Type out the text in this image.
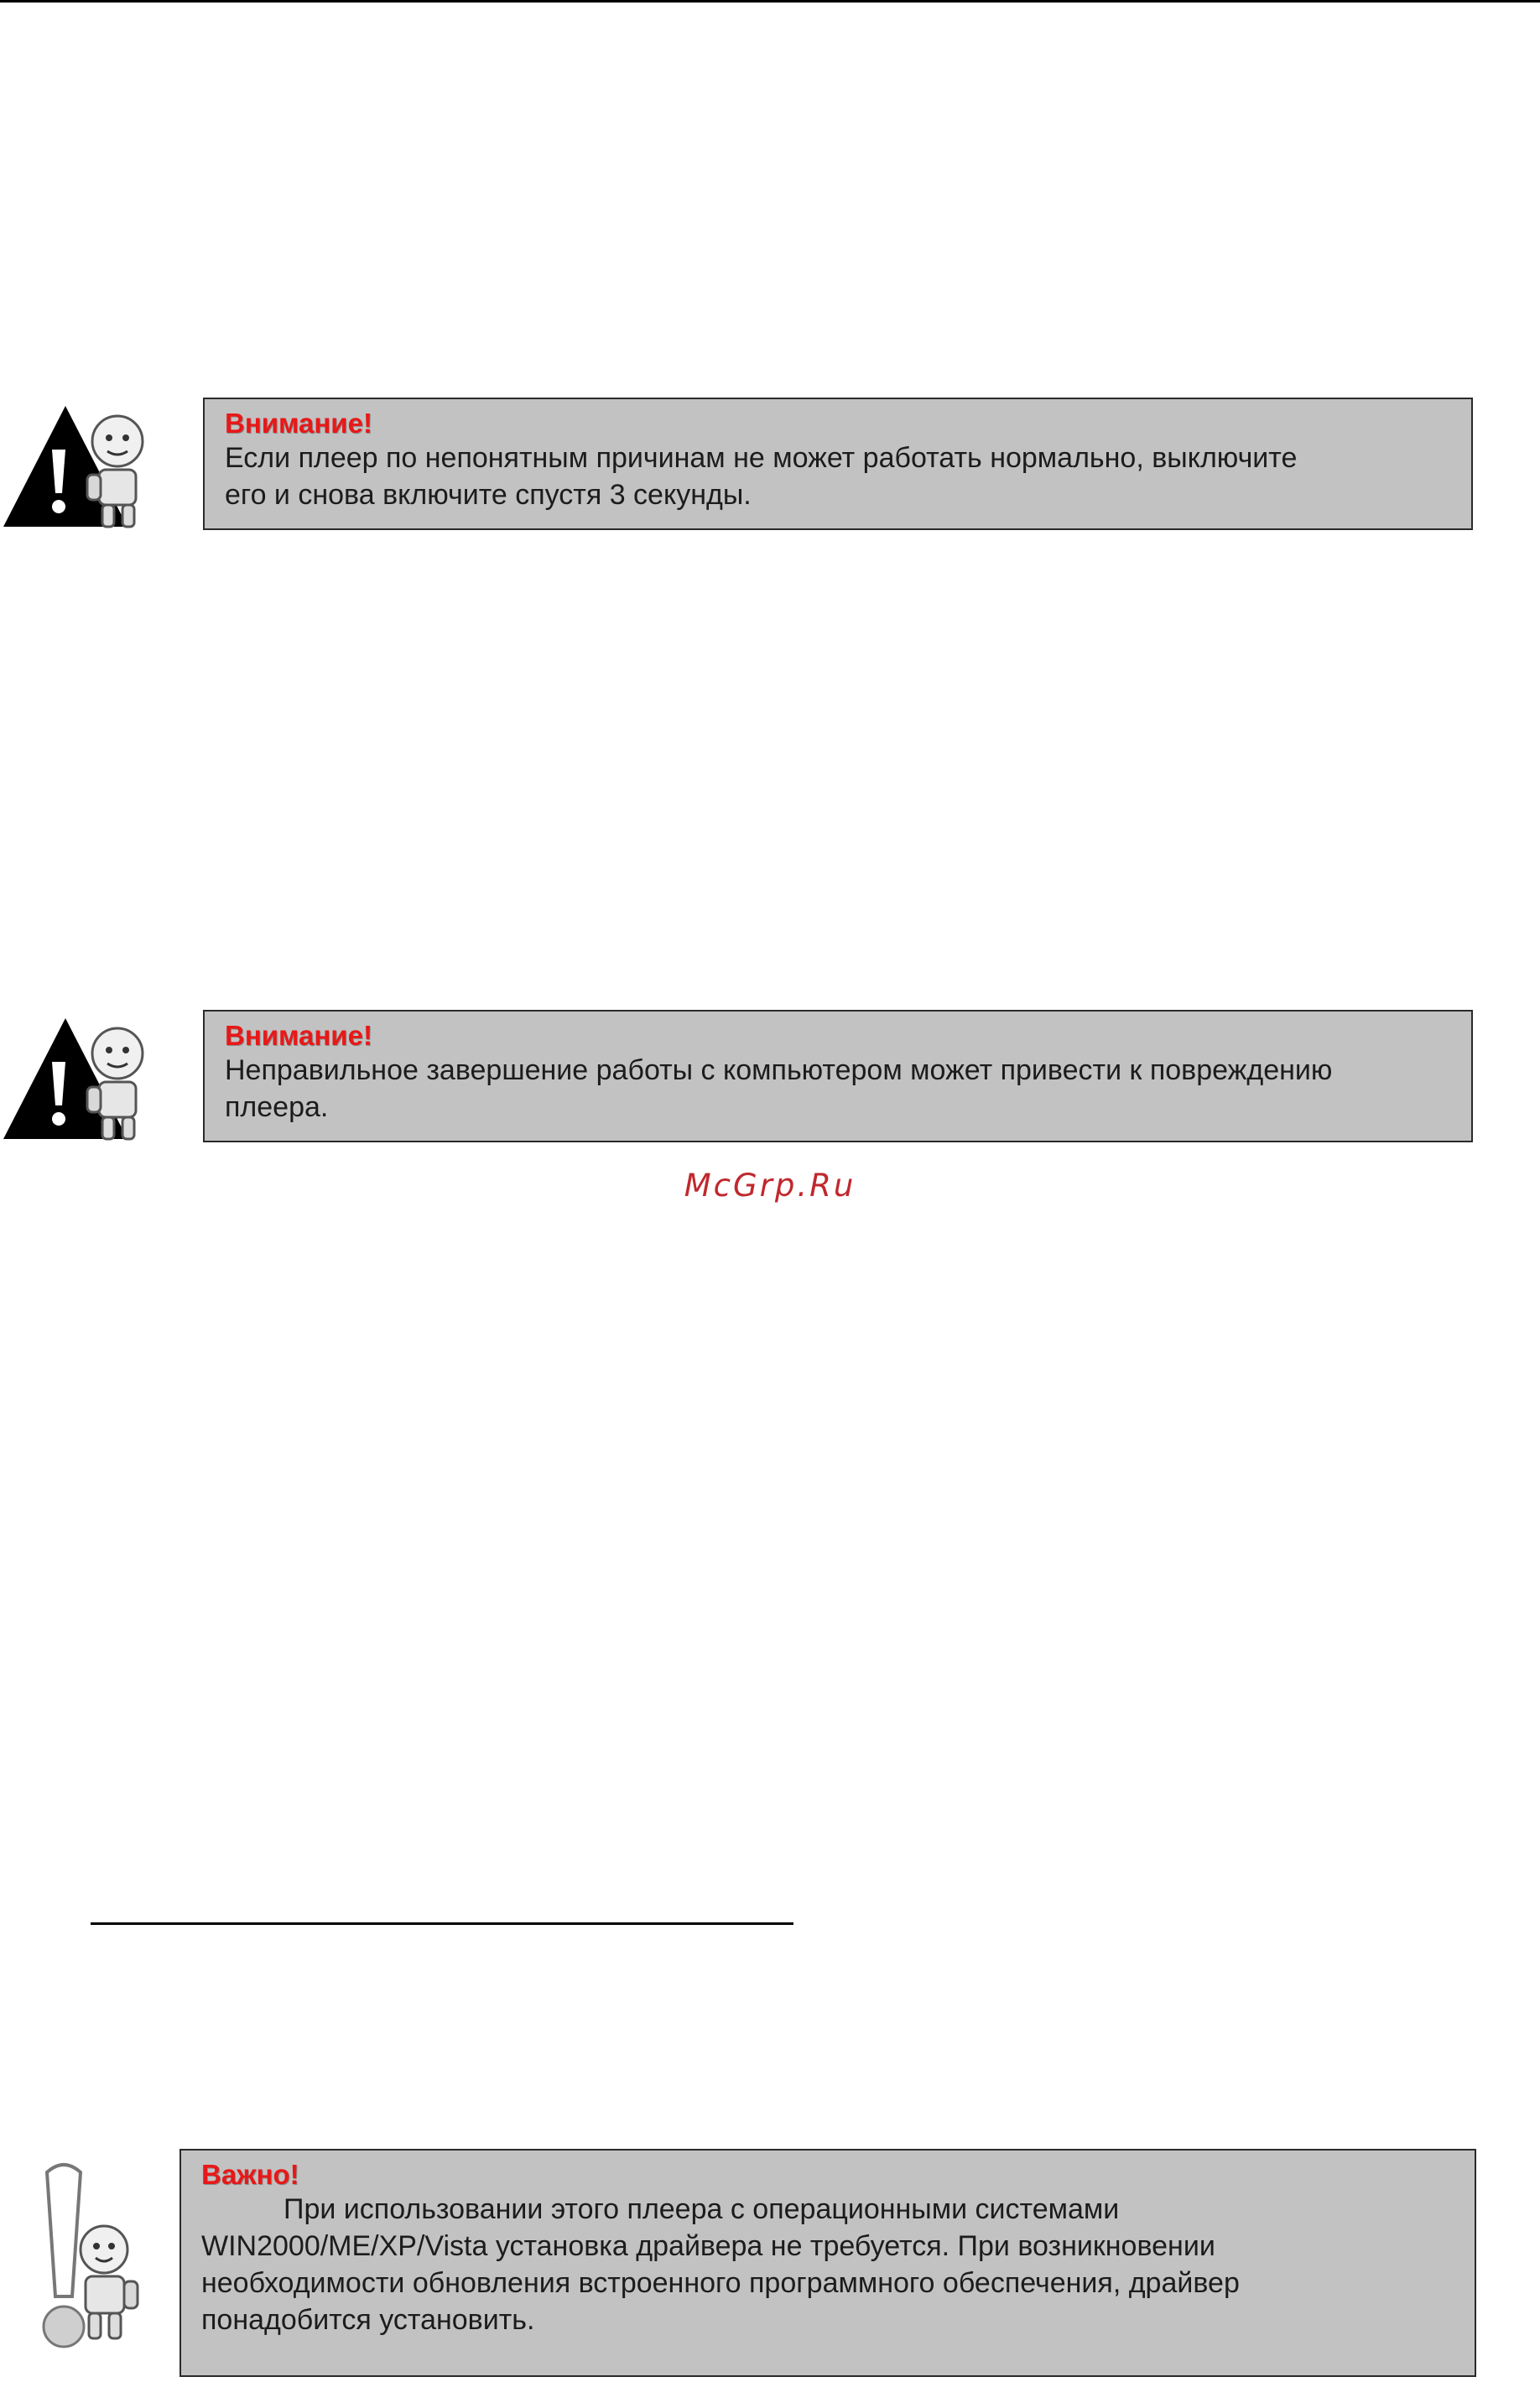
Внимание!
Если плеер по непонятным причинам не может работать нормально, выключите
его и снова включите спустя 3 секунды.
Внимание!
Неправильное завершение работы с компьютером может привести к повреждению
плеера.
McGrp.Ru
Важно!
При использовании этого плеера с операционными системами
WIN2000/ME/XP/Vista установка драйвера не требуется. При возникновении
необходимости обновления встроенного программного обеспечения, драйвер
понадобится установить.
